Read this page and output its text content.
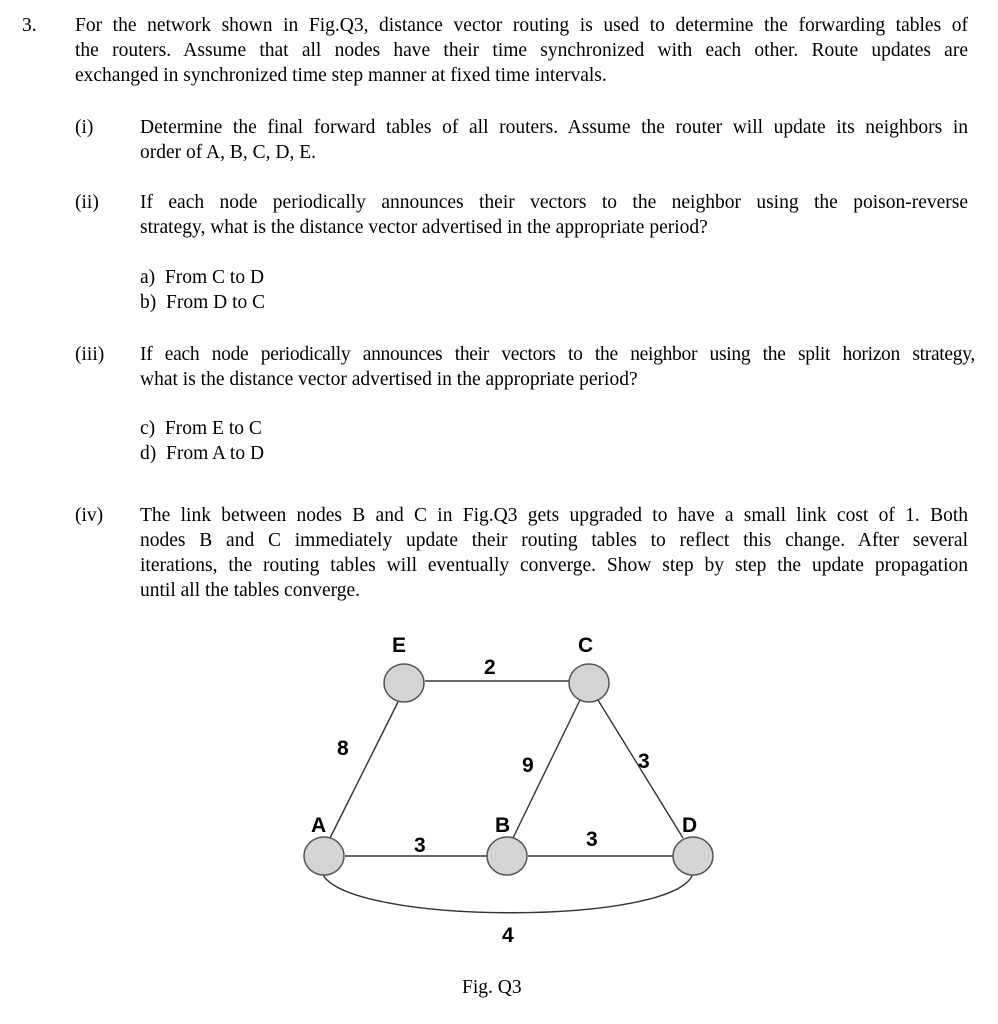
3. For the network shown in Fig.Q3, distance vector routing is used to determine the forwarding tables of
the routers. Assume that all nodes have their time synchronized with each other. Route updates are
exchanged in synchronized time step manner at fixed time intervals.
(i) Determine the final forward tables of all routers. Assume the router will update its neighbors in
order of A, B, C, D, E.
(ii) If each node periodically announces their vectors to the neighbor using the poison-reverse
strategy, what is the distance vector advertised in the appropriate period?
a)  From C to D
b)  From D to C
(iii) If each node periodically announces their vectors to the neighbor using the split horizon strategy,
what is the distance vector advertised in the appropriate period?
c)  From E to C
d)  From A to D
(iv) The link between nodes B and C in Fig.Q3 gets upgraded to have a small link cost of 1. Both
nodes B and C immediately update their routing tables to reflect this change. After several
iterations, the routing tables will eventually converge. Show step by step the update propagation
until all the tables converge.
E	C
A	B	D
2
8
9	3
3	3
4
Fig. Q3
